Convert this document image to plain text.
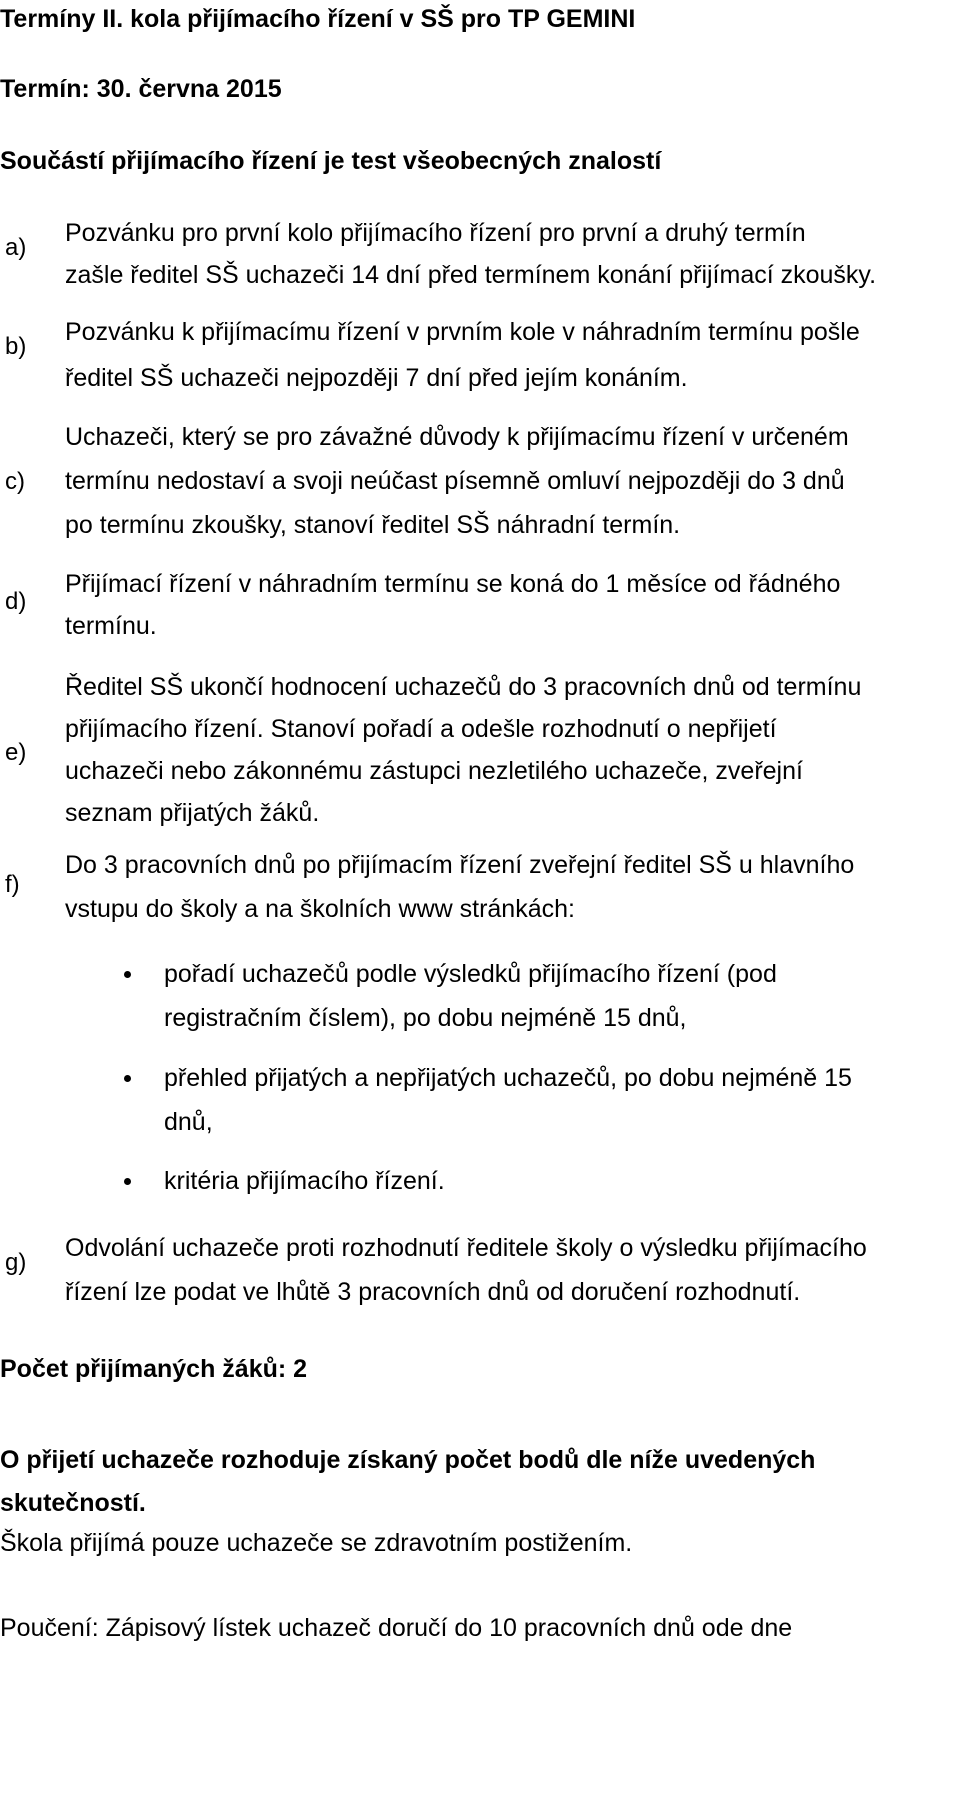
Termíny II. kola přijímacího řízení v SŠ pro TP GEMINI
Termín: 30. června 2015
Součástí přijímacího řízení je test všeobecných znalostí
a)
Pozvánku pro první kolo přijímacího řízení pro první a druhý termín
zašle ředitel SŠ uchazeči 14 dní před termínem konání přijímací zkoušky.
b)
Pozvánku k přijímacímu řízení v prvním kole v náhradním termínu pošle
ředitel SŠ uchazeči nejpozději 7 dní před jejím konáním.
c)
Uchazeči, který se pro závažné důvody k přijímacímu řízení v určeném
termínu nedostaví a svoji neúčast písemně omluví nejpozději do 3 dnů
po termínu zkoušky, stanoví ředitel SŠ náhradní termín.
d)
Přijímací řízení v náhradním termínu se koná do 1 měsíce od řádného
termínu.
e)
Ředitel SŠ ukončí hodnocení uchazečů do 3 pracovních dnů od termínu
přijímacího řízení. Stanoví pořadí a odešle rozhodnutí o nepřijetí
uchazeči nebo zákonnému zástupci nezletilého uchazeče, zveřejní
seznam přijatých žáků.
f)
Do 3 pracovních dnů po přijímacím řízení zveřejní ředitel SŠ u hlavního
vstupu do školy a na školních www stránkách:
pořadí uchazečů podle výsledků přijímacího řízení (pod
registračním číslem), po dobu nejméně 15 dnů,
přehled přijatých a nepřijatých uchazečů, po dobu nejméně 15
dnů,
kritéria přijímacího řízení.
g)
Odvolání uchazeče proti rozhodnutí ředitele školy o výsledku přijímacího
řízení lze podat ve lhůtě 3 pracovních dnů od doručení rozhodnutí.
Počet přijímaných žáků: 2
O přijetí uchazeče rozhoduje získaný počet bodů dle níže uvedených
skutečností.
Škola přijímá pouze uchazeče se zdravotním postižením.
Poučení: Zápisový lístek uchazeč doručí do 10 pracovních dnů ode dne
